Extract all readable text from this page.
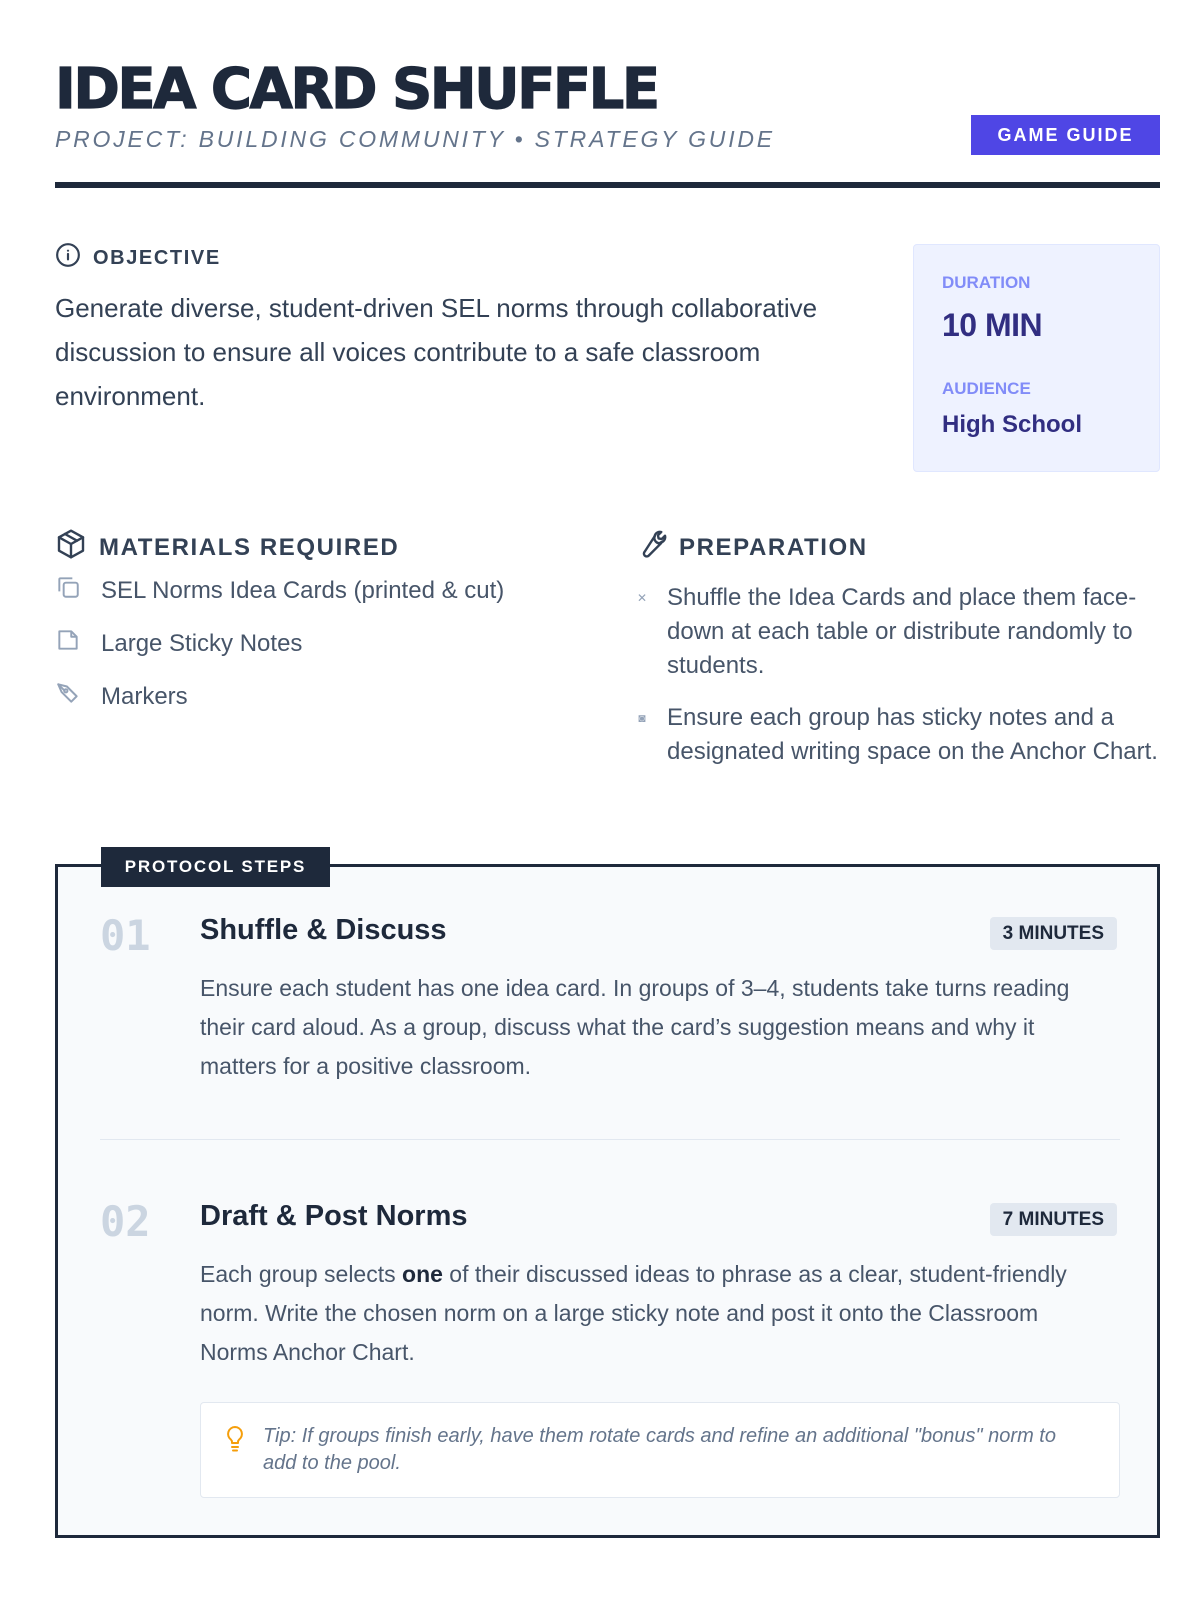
IDEA CARD SHUFFLE
PROJECT: BUILDING COMMUNITY • STRATEGY GUIDE	GAME GUIDE
OBJECTIVE

Generate diverse, student-driven SEL norms through collaborative discussion to ensure all voices contribute to a safe classroom environment.

DURATION
10 MIN
AUDIENCE
High School
MATERIALS REQUIRED
SEL Norms Idea Cards (printed & cut)
Large Sticky Notes
Markers
PREPARATION
✕ Shuffle the Idea Cards and place them face-down at each table or distribute randomly to students.
◙ Ensure each group has sticky notes and a designated writing space on the Anchor Chart.
PROTOCOL STEPS
01 Shuffle & Discuss	3 MINUTES

Ensure each student has one idea card. In groups of 3–4, students take turns reading their card aloud. As a group, discuss what the card’s suggestion means and why it matters for a positive classroom.

02 Draft & Post Norms	7 MINUTES

Each group selects one of their discussed ideas to phrase as a clear, student-friendly norm. Write the chosen norm on a large sticky note and post it onto the Classroom Norms Anchor Chart.

Tip: If groups finish early, have them rotate cards and refine an additional "bonus" norm to add to the pool.
